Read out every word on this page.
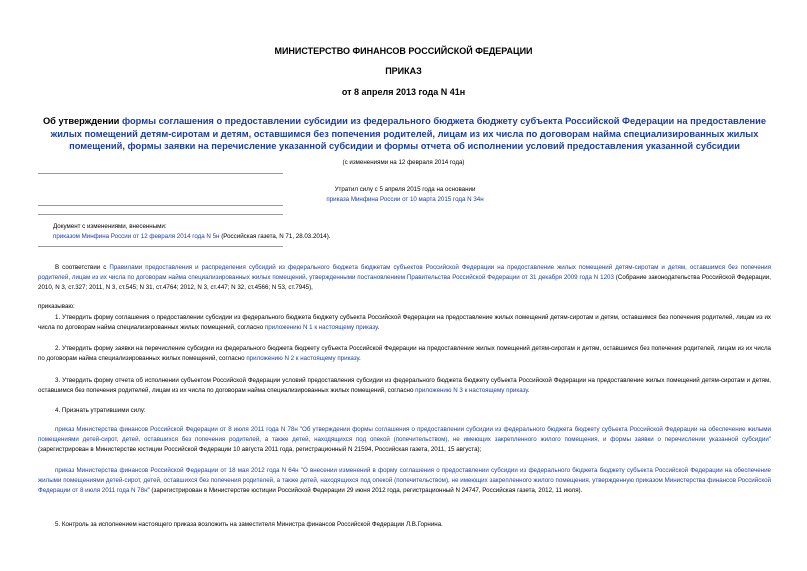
МИНИСТЕРСТВО ФИНАНСОВ РОССИЙСКОЙ ФЕДЕРАЦИИ
ПРИКАЗ
от 8 апреля 2013 года N 41н
Об утверждении формы соглашения о предоставлении субсидии из федерального бюджета бюджету субъекта Российской Федерации на предоставление жилых помещений детям-сиротам и детям, оставшимся без попечения родителей, лицам из их числа по договорам найма специализированных жилых помещений, формы заявки на перечисление указанной субсидии и формы отчета об исполнении условий предоставления указанной субсидии
(с изменениями на 12 февраля 2014 года)
Утратил силу с 5 апреля 2015 года на основании
приказа Минфина России от 10 марта 2015 года N 34н
Документ с изменениями, внесенными:
приказом Минфина России от 12 февраля 2014 года N 5н (Российская газета, N 71, 28.03.2014).
В соответствии с Правилами предоставления и распределения субсидий из федерального бюджета бюджетам субъектов Российской Федерации на предоставление жилых помещений детям-сиротам и детям, оставшимся без попечения родителей, лицам из их числа по договорам найма специализированных жилых помещений, утвержденными постановлением Правительства Российской Федерации от 31 декабря 2009 года N 1203 (Собрание законодательства Российской Федерации, 2010, N 3, ст.327; 2011, N 3, ст.545; N 31, ст.4764; 2012, N 3, ст.447; N 32, ст.4566; N 53, ст.7945),
приказываю:
1. Утвердить форму соглашения о предоставлении субсидии из федерального бюджета бюджету субъекта Российской Федерации на предоставление жилых помещений детям-сиротам и детям, оставшимся без попечения родителей, лицам из их числа по договорам найма специализированных жилых помещений, согласно приложению N 1 к настоящему приказу.
2. Утвердить форму заявки на перечисление субсидии из федерального бюджета бюджету субъекта Российской Федерации на предоставление жилых помещений детям-сиротам и детям, оставшимся без попечения родителей, лицам из их числа по договорам найма специализированных жилых помещений, согласно приложению N 2 к настоящему приказу.
3. Утвердить форму отчета об исполнении субъектом Российской Федерации условий предоставления субсидии из федерального бюджета бюджету субъекта Российской Федерации на предоставление жилых помещений детям-сиротам и детям, оставшимся без попечения родителей, лицам из их числа по договорам найма специализированных жилых помещений, согласно приложению N 3 к настоящему приказу.
4. Признать утратившими силу:
приказ Министерства финансов Российской Федерации от 8 июля 2011 года N 78н "Об утверждении формы соглашения о предоставлении субсидии из федерального бюджета бюджету субъекта Российской Федерации на обеспечение жилыми помещениями детей-сирот, детей, оставшихся без попечения родителей, а также детей, находящихся под опекой (попечительством), не имеющих закрепленного жилого помещения, и формы заявки о перечислении указанной субсидии" (зарегистрирован в Министерстве юстиции Российской Федерации 10 августа 2011 года, регистрационный N 21594, Российская газета, 2011, 15 августа);
приказ Министерства финансов Российской Федерации от 18 мая 2012 года N 64н "О внесении изменений в форму соглашения о предоставлении субсидии из федерального бюджета бюджету субъекта Российской Федерации на обеспечение жилыми помещениями детей-сирот, детей, оставшихся без попечения родителей, а также детей, находящихся под опекой (попечительством), не имеющих закрепленного жилого помещения, утвержденную приказом Министерства финансов Российской Федерации от 8 июля 2011 года N 78н" (зарегистрирован в Министерстве юстиции Российской Федерации 29 июня 2012 года, регистрационный N 24747, Российская газета, 2012, 11 июля).
5. Контроль за исполнением настоящего приказа возложить на заместителя Министра финансов Российской Федерации Л.В.Горнина.
